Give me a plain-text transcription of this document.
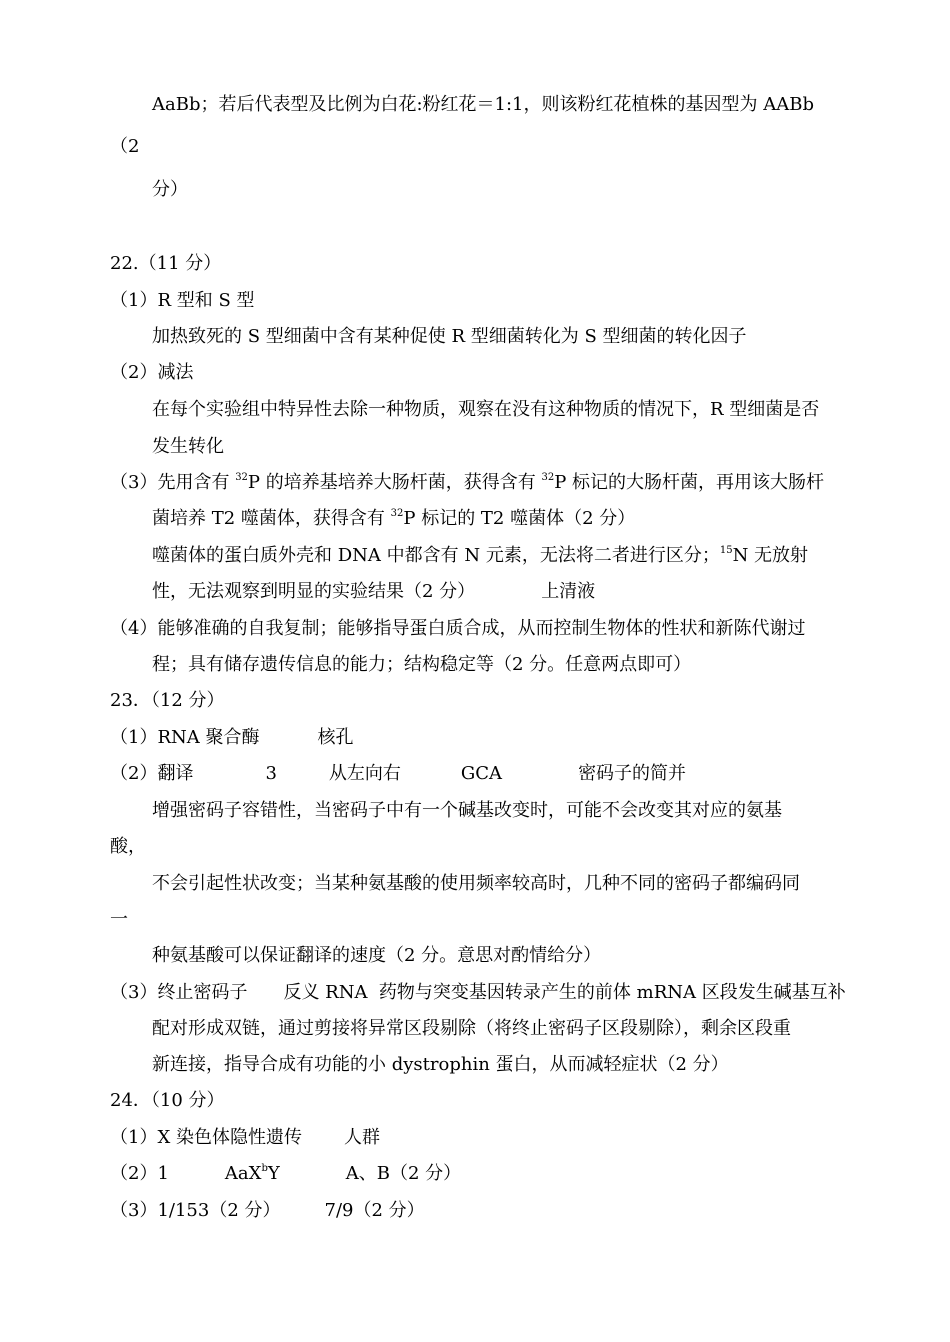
AaBb；若后代表型及比例为白花:粉红花＝1:1，则该粉红花植株的基因型为 AABb
（2
分）
22.（11 分）
（1）R 型和 S 型
加热致死的 S 型细菌中含有某种促使 R 型细菌转化为 S 型细菌的转化因子
（2）减法
在每个实验组中特异性去除一种物质，观察在没有这种物质的情况下，R 型细菌是否
发生转化
（3）先用含有 $^{32}$P 的培养基培养大肠杆菌，获得含有 $^{32}$P 标记的大肠杆菌，再用该大肠杆
菌培养 T2 噬菌体，获得含有 $^{32}$P 标记的 T2 噬菌体（2 分）
噬菌体的蛋白质外壳和 DNA 中都含有 N 元素，无法将二者进行区分；$^{15}$N 无放射
性，无法观察到明显的实验结果（2 分）	上清液
（4）能够准确的自我复制；能够指导蛋白质合成，从而控制生物体的性状和新陈代谢过
程；具有储存遗传信息的能力；结构稳定等（2 分。任意两点即可）
23．（12 分）
（1）RNA 聚合酶	核孔
（2）翻译	3	从左向右	GCA	密码子的简并
增强密码子容错性，当密码子中有一个碱基改变时，可能不会改变其对应的氨基
酸，
不会引起性状改变；当某种氨基酸的使用频率较高时，几种不同的密码子都编码同
一
种氨基酸可以保证翻译的速度（2 分。意思对酌情给分）
（3）终止密码子 反义 RNA  药物与突变基因转录产生的前体 mRNA 区段发生碱基互补
配对形成双链，通过剪接将异常区段剔除（将终止密码子区段剔除），剩余区段重
新连接，指导合成有功能的小 dystrophin 蛋白，从而减轻症状（2 分）
24．（10 分）
（1）X 染色体隐性遗传 人群
（2）1	AaX$^b$Y	A、B（2 分）
（3）1/153（2 分） 7/9（2 分）
